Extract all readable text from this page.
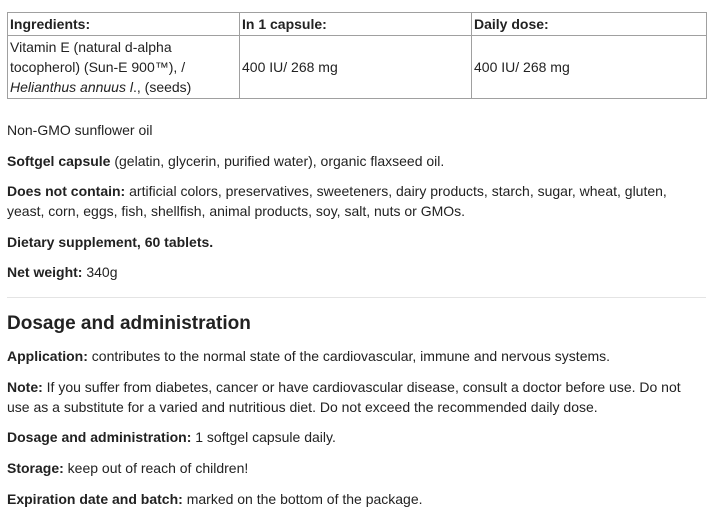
Ingredients:	In 1 capsule:	Daily dose:
Vitamin E (natural d-alpha
tocopherol) (Sun-E 900™), /
Helianthus annuus l., (seeds)	400 IU/ 268 mg	400 IU/ 268 mg

Non-GMO sunflower oil

Softgel capsule (gelatin, glycerin, purified water), organic flaxseed oil.

Does not contain: artificial colors, preservatives, sweeteners, dairy products, starch, sugar, wheat, gluten, yeast, corn, eggs, fish, shellfish, animal products, soy, salt, nuts or GMOs.

Dietary supplement, 60 tablets.

Net weight: 340g

Dosage and administration

Application: contributes to the normal state of the cardiovascular, immune and nervous systems.

Note: If you suffer from diabetes, cancer or have cardiovascular disease, consult a doctor before use. Do not use as a substitute for a varied and nutritious diet. Do not exceed the recommended daily dose.

Dosage and administration: 1 softgel capsule daily.

Storage: keep out of reach of children!

Expiration date and batch: marked on the bottom of the package.
